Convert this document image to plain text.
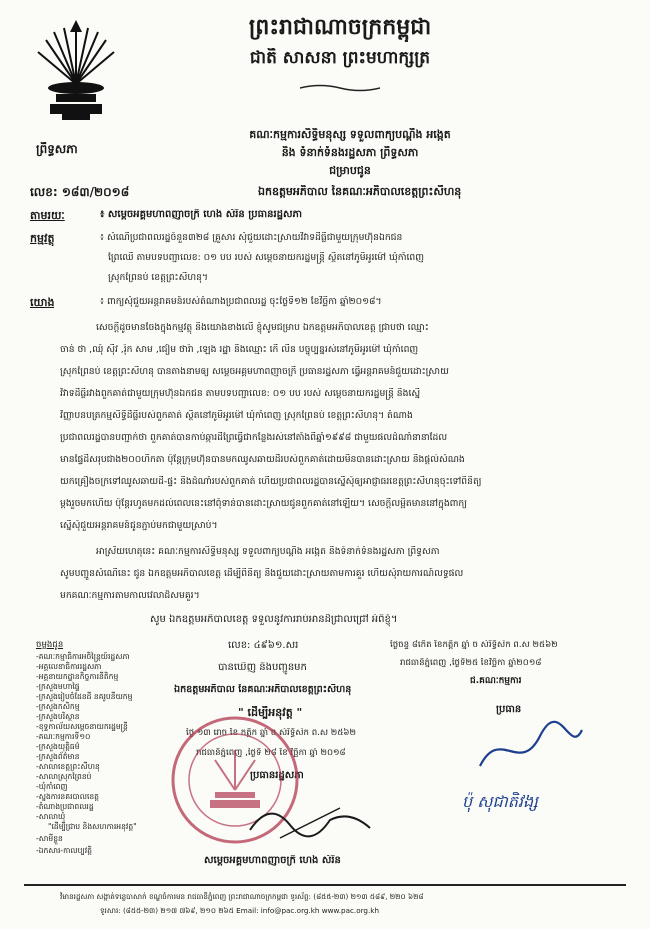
ព្រឹទ្ធសភា
ព្រះរាជាណាចក្រកម្ពុជា
ជាតិ សាសនា ព្រះមហាក្សត្រ
គណៈកម្មការសិទ្ធិមនុស្ស ទទួលពាក្យបណ្ដឹង អង្កេត
និង ទំនាក់ទំនងរដ្ឋសភា ព្រឹទ្ធសភា
ជម្រាបជូន
លេខ: ១៨៣/២០១៨	ឯកឧត្តមអភិបាល នៃគណៈអភិបាលខេត្តព្រះសីហនុ
តាមរយៈ	៖ សម្ដេចអគ្គមហាពញាចក្រី ហេង សំរិន ប្រធានរដ្ឋសភា
កម្មវត្ថុ	៖ សំណើប្រជាពលរដ្ឋចំនួន៣២៨ គ្រួសារ សុំជួយដោះស្រាយវិវាទដីធ្លីជាមួយក្រុមហ៊ុនឯកជន
ព្រៃឈើ តាមបទបញ្ជាលេខ: ០១ បប របស់ សម្ដេចនាយករដ្ឋមន្ត្រី ស្ថិតនៅភូមិអូរម៉ៅ ឃុំកាំពេញ
ស្រុកព្រៃនប់ ខេត្តព្រះសីហនុ។
យោង	៖ ពាក្យសុំជួយអន្តរាគមន៍របស់តំណាងប្រជាពលរដ្ឋ ចុះថ្ងៃទី១២ ខែវិច្ឆិកា ឆ្នាំ២០១៨។
សេចក្ដីដូចមានចែងក្នុងកម្មវត្ថុ និងយោងខាងលើ ខ្ញុំសូមជម្រាប ឯកឧត្តមអភិបាលខេត្ត ជ្រាបថា ឈ្មោះ
ចាន់ ថា ,ឈុំ សុីវ ,រ៉ុក សាម ,ជៀម ថារ៉ា ,ឡេង រដ្ឋា និងឈ្មោះ កើ លីន បច្ចុប្បន្នរស់នៅភូមិអូរម៉ៅ ឃុំកាំពេញ
ស្រុកព្រៃនប់ ខេត្តព្រះសីហនុ បានតាងនាមឲ្យ សម្ដេចអគ្គមហាពញាចក្រី ប្រធានរដ្ឋសភា ធ្វើអន្តរាគមន៍ជួយដោះស្រាយ
វិវាទដីធ្លីរវាងពួកគាត់ជាមួយក្រុមហ៊ុនឯកជន តាមបទបញ្ជាលេខ: ០១ បប របស់ សម្ដេចនាយករដ្ឋមន្ត្រី និងស្នើ
វិញ្ញាបនបត្រកម្មសិទ្ធិដីធ្លីរបស់ពួកគាត់ ស្ថិតនៅភូមិអូរម៉ៅ ឃុំកាំពេញ ស្រុកព្រៃនប់ ខេត្តព្រះសីហនុ។ តំណាង
ប្រជាពលរដ្ឋបានបញ្ជាក់ថា ពួកគាត់បានកាប់ឆ្ការដីព្រៃធ្វើជាកន្លែងរស់នៅតាំងពីឆ្នាំ១៩៩៨ ជាមួយផលដំណាំនានាដែល
មានផ្ទៃដីសរុបជាង២០០ហិកតា ប៉ុន្ដែក្រុមហ៊ុនបានមកឈូសឆាយដីរបស់ពួកគាត់ដោយមិនបានដោះស្រាយ និងផ្ដល់សំណង
យកគ្រឿងចក្រទៅឈូសឆាយដី-ផ្ទះ និងដំណាំរបស់ពួកគាត់ ហើយប្រជាពលរដ្ឋបានស្នើសុំឲ្យអាជ្ញាធរខេត្តព្រះសីហនុចុះទៅពិនិត្យ
ម្ដងរួចមកហើយ ប៉ុន្ដែរហូតមកដល់ពេលនេះនៅពុំទាន់បានដោះស្រាយជូនពួកគាត់នៅឡើយ។ សេចក្ដីលម្អិតមាននៅក្នុងពាក្យ
ស្នើសុំជួយអន្តរាគមន៍ជូនភ្ជាប់មកជាមួយស្រាប់។
អាស្រ័យហេតុនេះ គណៈកម្មការសិទ្ធិមនុស្ស ទទួលពាក្យបណ្ដឹង អង្កេត និងទំនាក់ទំនងរដ្ឋសភា ព្រឹទ្ធសភា
សូមបញ្ជូនសំណើនេះ ជូន ឯកឧត្តមអភិបាលខេត្ត ដើម្បីពិនិត្យ និងជួយដោះស្រាយតាមការគួរ ហើយសុំរាយការណ៍លទ្ធផល
មកគណៈកម្មការតាមកាលវេលាដ៏សមគួរ។
សូម ឯកឧត្តមអភិបាលខេត្ត ទទួលនូវការរាប់អានដ៏ជ្រាលជ្រៅ អំពីខ្ញុំ។
ថ្ងៃចន្ទ ៨កើត ខែកត្តិក ឆ្នាំ ច សំរឹទ្ធិស័ក ព.ស ២៥៦២
រាជធានីភ្នំពេញ ,ថ្ងៃទី២៥ ខែវិច្ឆិកា ឆ្នាំ២០១៨
ជ.គណៈកម្មការ
ប្រធាន
លេខ: ៤៩៦១.សរ
បានឃើញ និងបញ្ជូនមក
ឯកឧត្តមអភិបាល នៃគណៈអភិបាលខេត្តព្រះសីហនុ
" ដើម្បីអនុវត្ត "
ថ្ងៃ ១៣ រោច ខែ កត្តិក ឆ្នាំ ច សំរឹទ្ធិស័ក ព.ស ២៥៦២
រាជធានីភ្នំពេញ ,ថ្ងៃទី ២៨ ខែ វិច្ឆិកា ឆ្នាំ ២០១៨
ប្រធានរដ្ឋសភា
សម្ដេចអគ្គមហាពញាចក្រី ហេង សំរិន
ប៉ុ សុជាតិវង្ស
ចម្លងជូន
-គណៈកម្មាធិការអចិន្ត្រៃយ៍រដ្ឋសភា
-អគ្គលេខាធិការរដ្ឋសភា
-អគ្គនាយកដ្ឋានកិច្ចការនីតិកម្ម
-ក្រសួងមហាផ្ទៃ
-ក្រសួងរៀបចំដែនដី នគរូបនីយកម្ម
-ក្រសួងកសិកម្ម
-ក្រសួងបរិស្ថាន
-ខុទ្ទកាល័យសម្ដេចនាយករដ្ឋមន្ត្រី
-គណៈកម្មការទី១០
-ក្រសួងយុត្តិធម៌
-ក្រសួងព័ត៌មាន
-សាលាខេត្តព្រះសីហនុ
-សាលាស្រុកព្រៃនប់
-ឃុំកាំពេញ
-ស្នងការនគរបាលខេត្ត
-តំណាងប្រជាពលរដ្ឋ
-សាលាឃុំ
"ដើម្បីជ្រាប និងសហការអនុវត្ត"
-សាមីខ្លួន
-ឯកសារ-កាលប្បវត្តិ
វិមានរដ្ឋសភា សង្កាត់ទន្លេបាសាក់ ខណ្ឌចំការមន រាជធានីភ្នំពេញ ព្រះរាជាណាចក្រកម្ពុជា ទូរស័ព្ទ: (៨៥៥-២៣) ២១៣ ៥៨៩, ២២០ ៦២៨
ទូរសារ: (៨៥៥-២៣) ២១៧ ៧៦៩, ២១០ ២៦៥ Email: info@pac.org.kh www.pac.org.kh
